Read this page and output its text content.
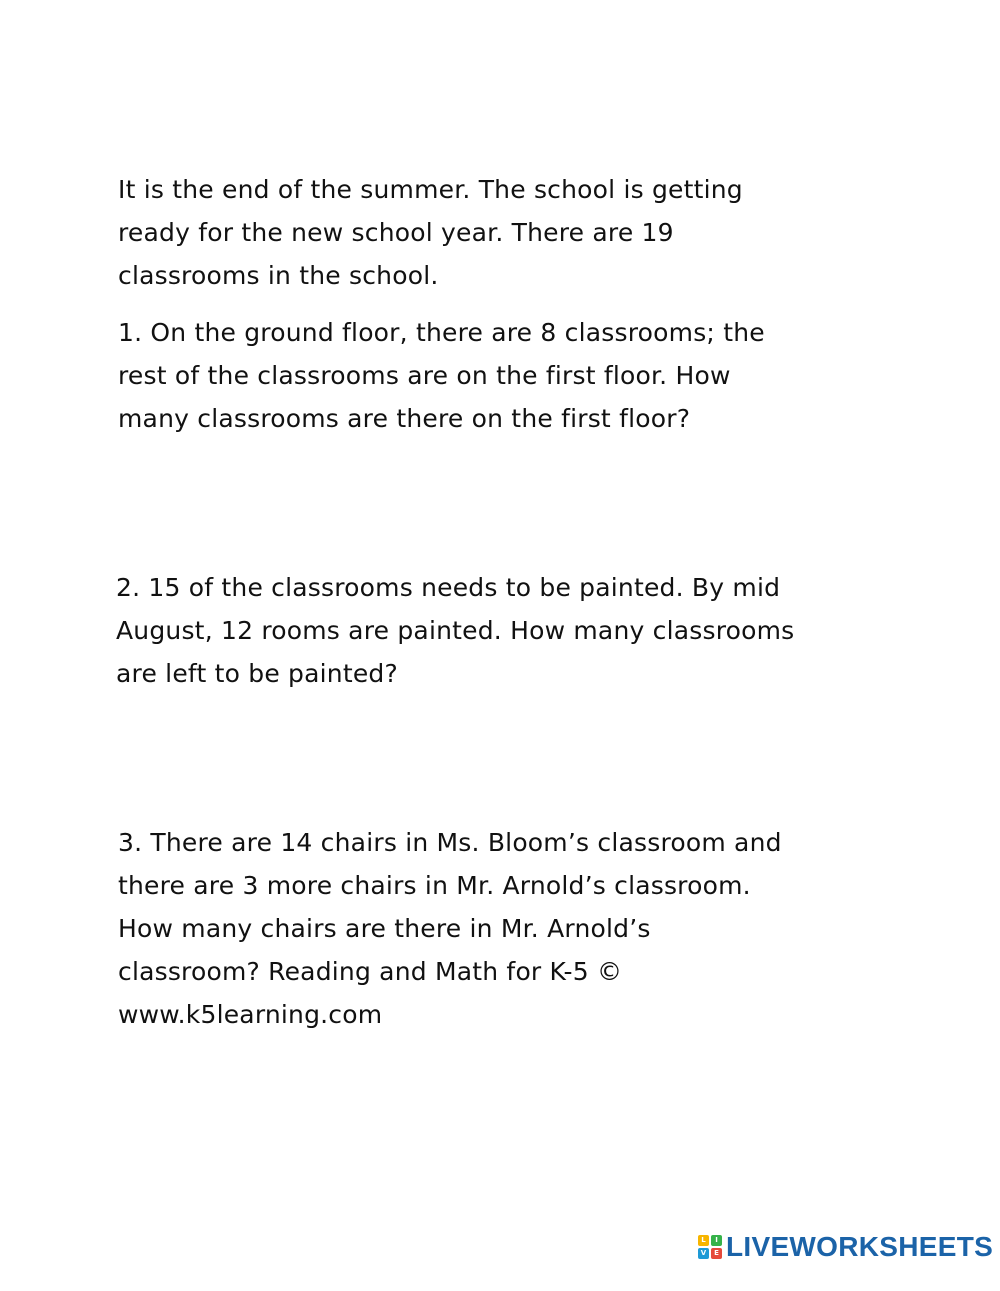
It is the end of the summer. The school is getting
ready for the new school year. There are 19
classrooms in the school.

1. On the ground floor, there are 8 classrooms; the
rest of the classrooms are on the first floor. How
many classrooms are there on the first floor?

2. 15 of the classrooms needs to be painted. By mid
August, 12 rooms are painted. How many classrooms
are left to be painted?

3. There are 14 chairs in Ms. Bloom’s classroom and
there are 3 more chairs in Mr. Arnold’s classroom.
How many chairs are there in Mr. Arnold’s
classroom? Reading and Math for K-5 ©
www.k5learning.com

L	I
V	E LIVEWORKSHEETS
